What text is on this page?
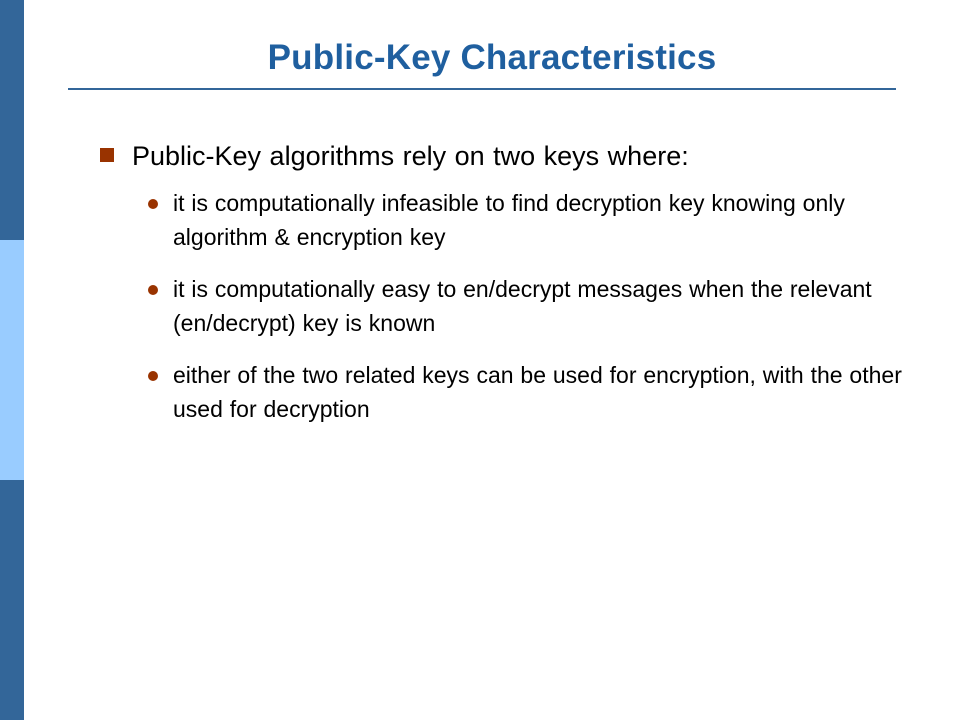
Public-Key Characteristics
Public-Key algorithms rely on two keys where:
it is computationally infeasible to find decryption key knowing only algorithm & encryption key
it is computationally easy to en/decrypt messages when the relevant (en/decrypt) key is known
either of the two related keys can be used for encryption, with the other used for decryption
